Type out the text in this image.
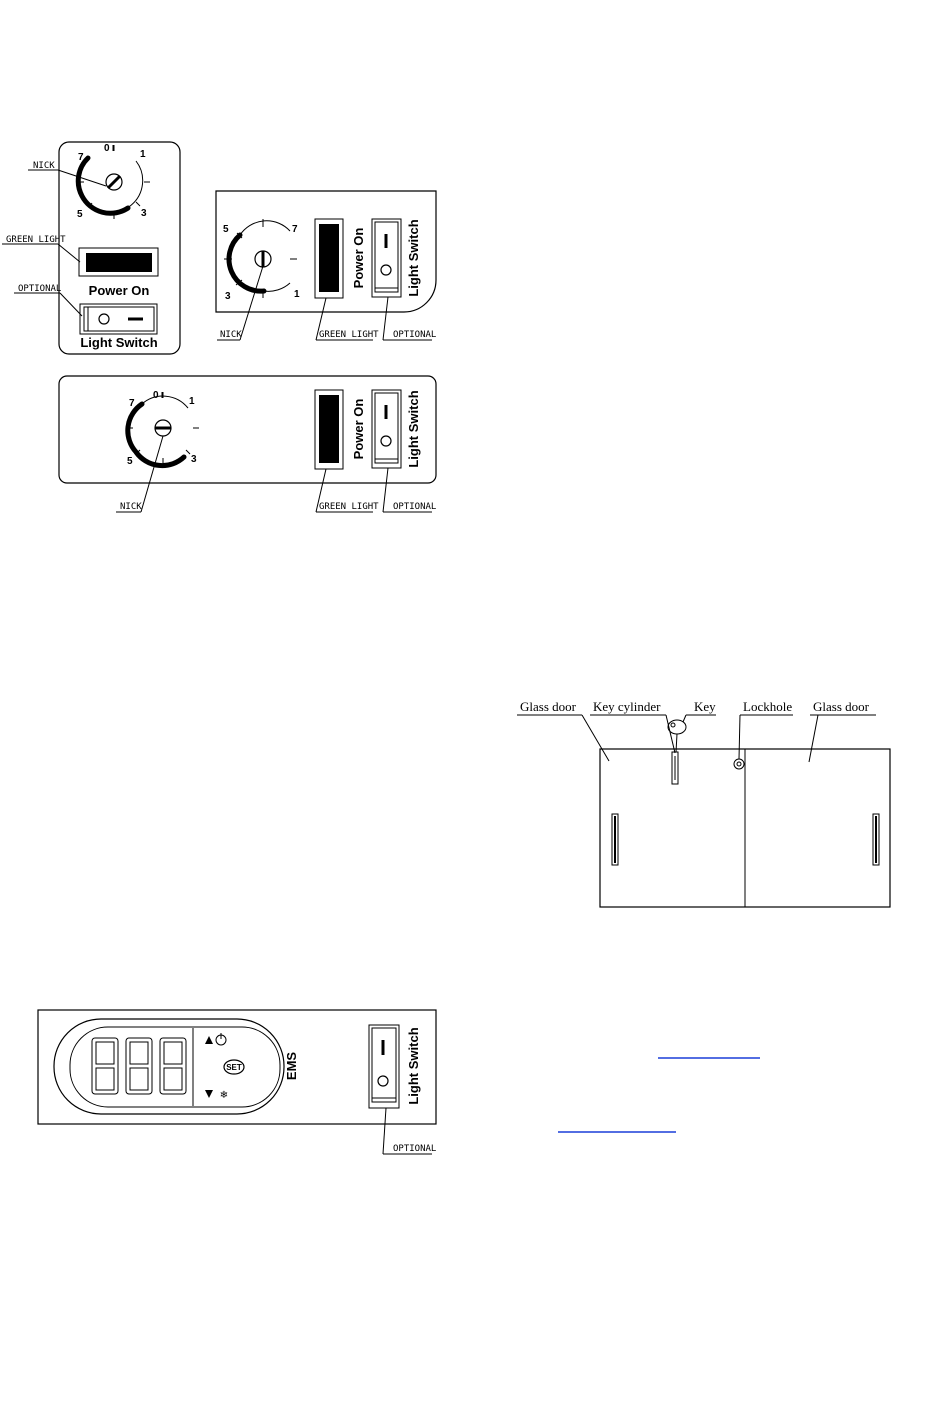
0
1
3
5
7
NICK
Power On
GREEN LIGHT
Light Switch
OPTIONAL
5	7
3	1
Power On	Light Switch
NICK	GREEN LIGHT OPTIONAL
0
1
3
5
7	Power On	Light Switch
NICK	GREEN LIGHT OPTIONAL
Glass door Key cylinder	Key Lockhole Glass door
SET
❄
EMS	Light Switch
OPTIONAL
